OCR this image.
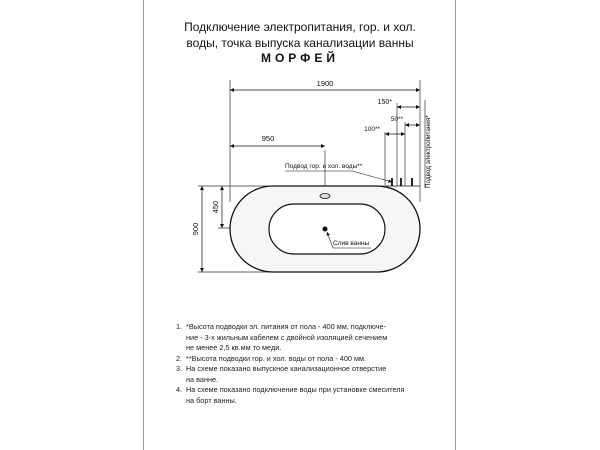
Подключение электропитания, гор. и хол.
воды, точка выпуска канализации ванны
МОРФЕЙ
1900
150*
50**
100**
950
900
450
Подвод гор. и хол. воды**
Слив ванны
Подвод электропитания*
1. *Высота подводки эл. питания от пола - 400 мм, подключе-
ние - 3-х жильным кабелем с двойной изоляцией сечением
не менее 2,5 кв.мм то меди.
2. **Высота подводки гор. и хол. воды от пола - 400 мм.
3. На схеме показано выпускное канализационное отверстие
на ванне.
4. На схеме показано подключение воды при установке смесителя
на борт ванны.
